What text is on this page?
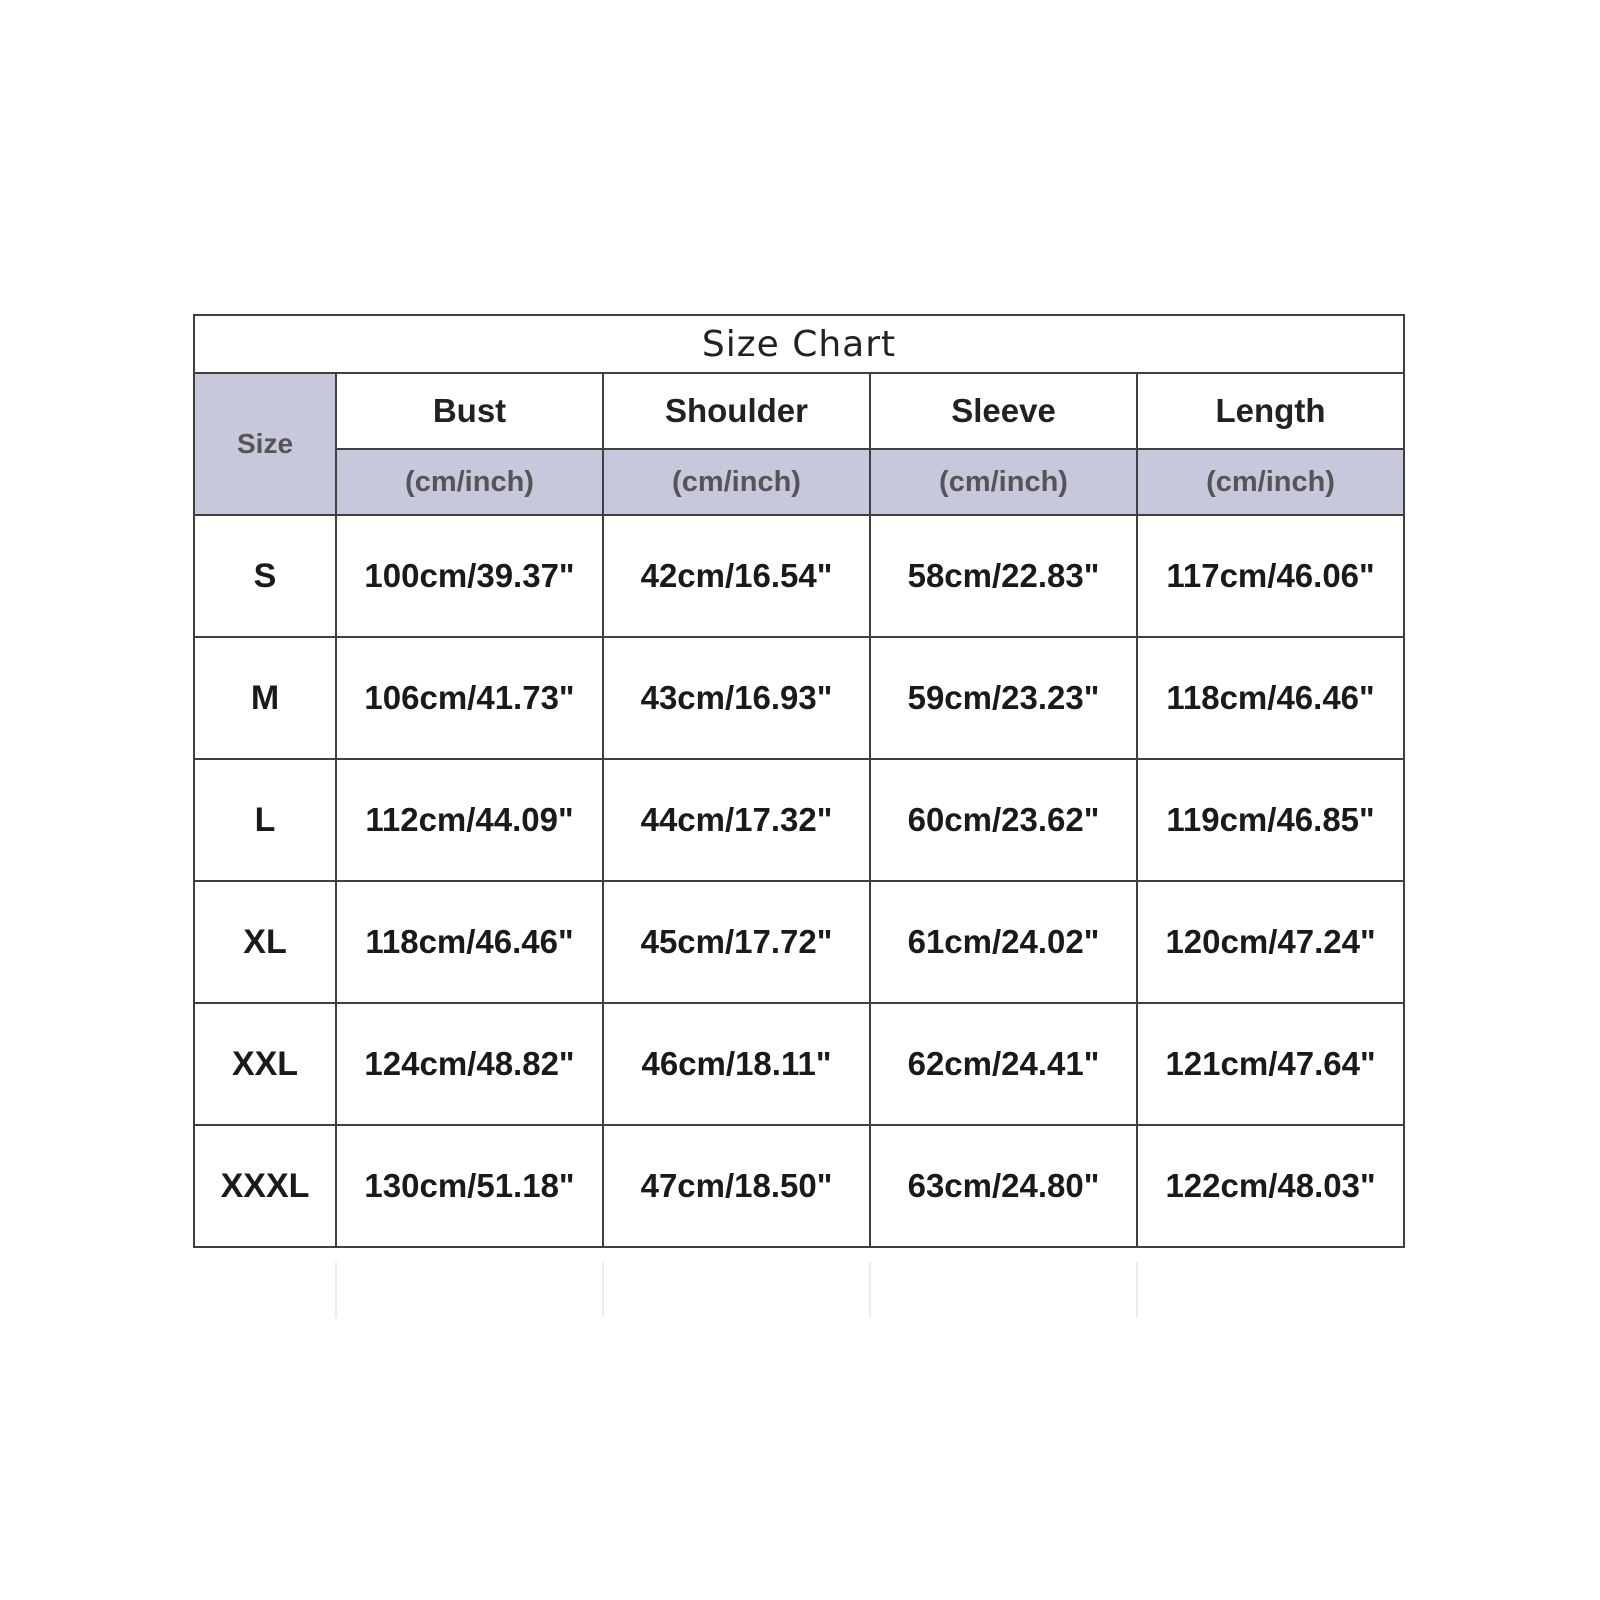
Size Chart				
Size	Bust	Shoulder	Sleeve	Length
	(cm/inch)	(cm/inch)	(cm/inch)	(cm/inch)
S	100cm/39.37"	42cm/16.54"	58cm/22.83"	117cm/46.06"
M	106cm/41.73"	43cm/16.93"	59cm/23.23"	118cm/46.46"
L	112cm/44.09"	44cm/17.32"	60cm/23.62"	119cm/46.85"
XL	118cm/46.46"	45cm/17.72"	61cm/24.02"	120cm/47.24"
XXL	124cm/48.82"	46cm/18.11"	62cm/24.41"	121cm/47.64"
XXXL	130cm/51.18"	47cm/18.50"	63cm/24.80"	122cm/48.03"
